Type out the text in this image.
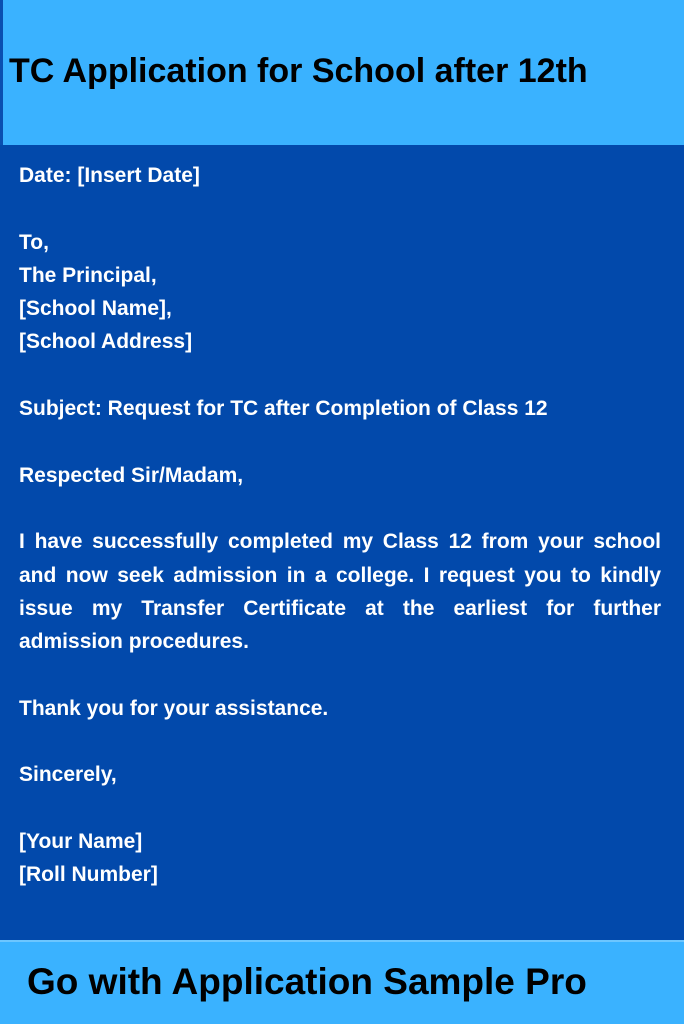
TC Application for School after 12th

Date: [Insert Date]

To,
The Principal,
[School Name],
[School Address]

Subject: Request for TC after Completion of Class 12

Respected Sir/Madam,

I have successfully completed my Class 12 from your school and now seek admission in a college. I request you to kindly issue my Transfer Certificate at the earliest for further admission procedures.

Thank you for your assistance.

Sincerely,

[Your Name]
[Roll Number]

Go with Application Sample Pro
